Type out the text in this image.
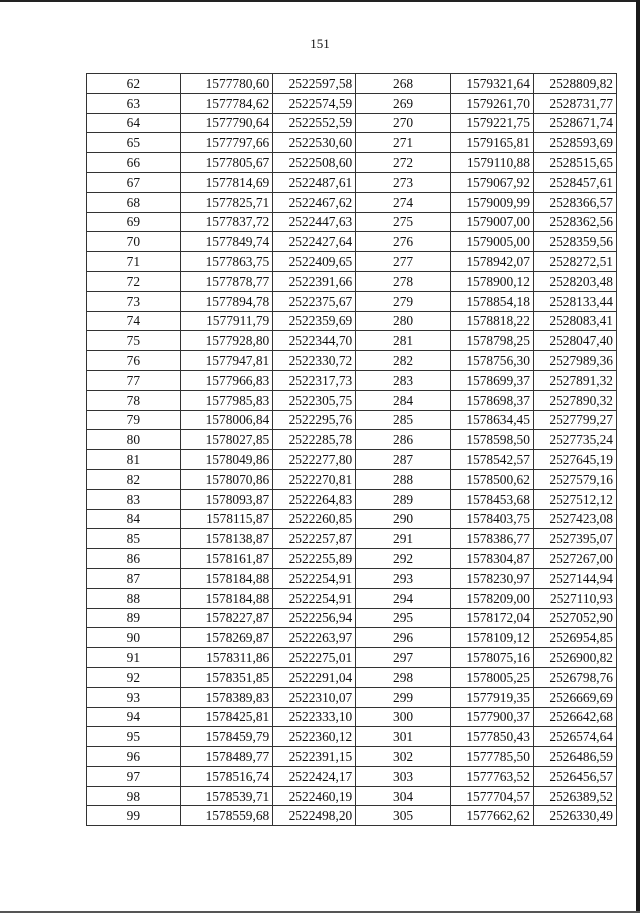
151
62	1577780,60	2522597,58	268	1579321,64	2528809,82
63	1577784,62	2522574,59	269	1579261,70	2528731,77
64	1577790,64	2522552,59	270	1579221,75	2528671,74
65	1577797,66	2522530,60	271	1579165,81	2528593,69
66	1577805,67	2522508,60	272	1579110,88	2528515,65
67	1577814,69	2522487,61	273	1579067,92	2528457,61
68	1577825,71	2522467,62	274	1579009,99	2528366,57
69	1577837,72	2522447,63	275	1579007,00	2528362,56
70	1577849,74	2522427,64	276	1579005,00	2528359,56
71	1577863,75	2522409,65	277	1578942,07	2528272,51
72	1577878,77	2522391,66	278	1578900,12	2528203,48
73	1577894,78	2522375,67	279	1578854,18	2528133,44
74	1577911,79	2522359,69	280	1578818,22	2528083,41
75	1577928,80	2522344,70	281	1578798,25	2528047,40
76	1577947,81	2522330,72	282	1578756,30	2527989,36
77	1577966,83	2522317,73	283	1578699,37	2527891,32
78	1577985,83	2522305,75	284	1578698,37	2527890,32
79	1578006,84	2522295,76	285	1578634,45	2527799,27
80	1578027,85	2522285,78	286	1578598,50	2527735,24
81	1578049,86	2522277,80	287	1578542,57	2527645,19
82	1578070,86	2522270,81	288	1578500,62	2527579,16
83	1578093,87	2522264,83	289	1578453,68	2527512,12
84	1578115,87	2522260,85	290	1578403,75	2527423,08
85	1578138,87	2522257,87	291	1578386,77	2527395,07
86	1578161,87	2522255,89	292	1578304,87	2527267,00
87	1578184,88	2522254,91	293	1578230,97	2527144,94
88	1578184,88	2522254,91	294	1578209,00	2527110,93
89	1578227,87	2522256,94	295	1578172,04	2527052,90
90	1578269,87	2522263,97	296	1578109,12	2526954,85
91	1578311,86	2522275,01	297	1578075,16	2526900,82
92	1578351,85	2522291,04	298	1578005,25	2526798,76
93	1578389,83	2522310,07	299	1577919,35	2526669,69
94	1578425,81	2522333,10	300	1577900,37	2526642,68
95	1578459,79	2522360,12	301	1577850,43	2526574,64
96	1578489,77	2522391,15	302	1577785,50	2526486,59
97	1578516,74	2522424,17	303	1577763,52	2526456,57
98	1578539,71	2522460,19	304	1577704,57	2526389,52
99	1578559,68	2522498,20	305	1577662,62	2526330,49
